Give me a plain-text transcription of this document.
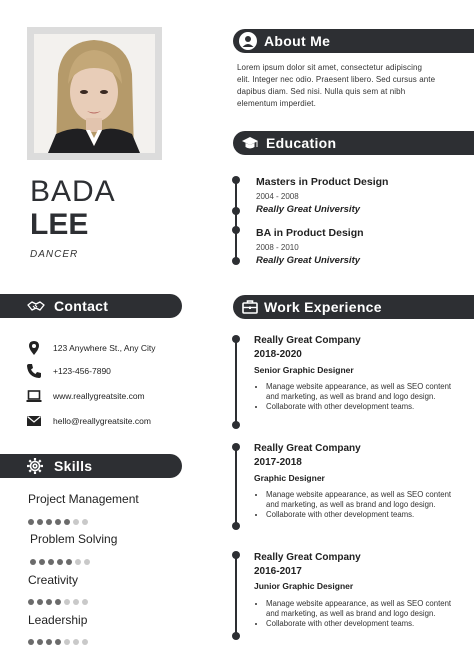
BADA
LEE
DANCER
About Me
Lorem ipsum dolor sit amet, consectetur adipiscing elit. Integer nec odio. Praesent libero. Sed cursus ante dapibus diam. Sed nisi. Nulla quis sem at nibh elementum imperdiet.
Education
Masters in Product Design
2004 - 2008
Really Great University
BA in Product Design
2008 - 2010
Really Great University
Contact
123 Anywhere St., Any City
+123-456-7890
www.reallygreatsite.com
hello@reallygreatsite.com
Skills
Project Management
Problem Solving
Creativity
Leadership
Work Experience
Really Great Company
2018-2020
Senior Graphic Designer
• Manage website appearance, as well as SEO content and marketing, as well as brand and logo design.
• Collaborate with other development teams.
Really Great Company
2017-2018
Graphic Designer
• Manage website appearance, as well as SEO content and marketing, as well as brand and logo design.
• Collaborate with other development teams.
Really Great Company
2016-2017
Junior Graphic Designer
• Manage website appearance, as well as SEO content and marketing, as well as brand and logo design.
• Collaborate with other development teams.
